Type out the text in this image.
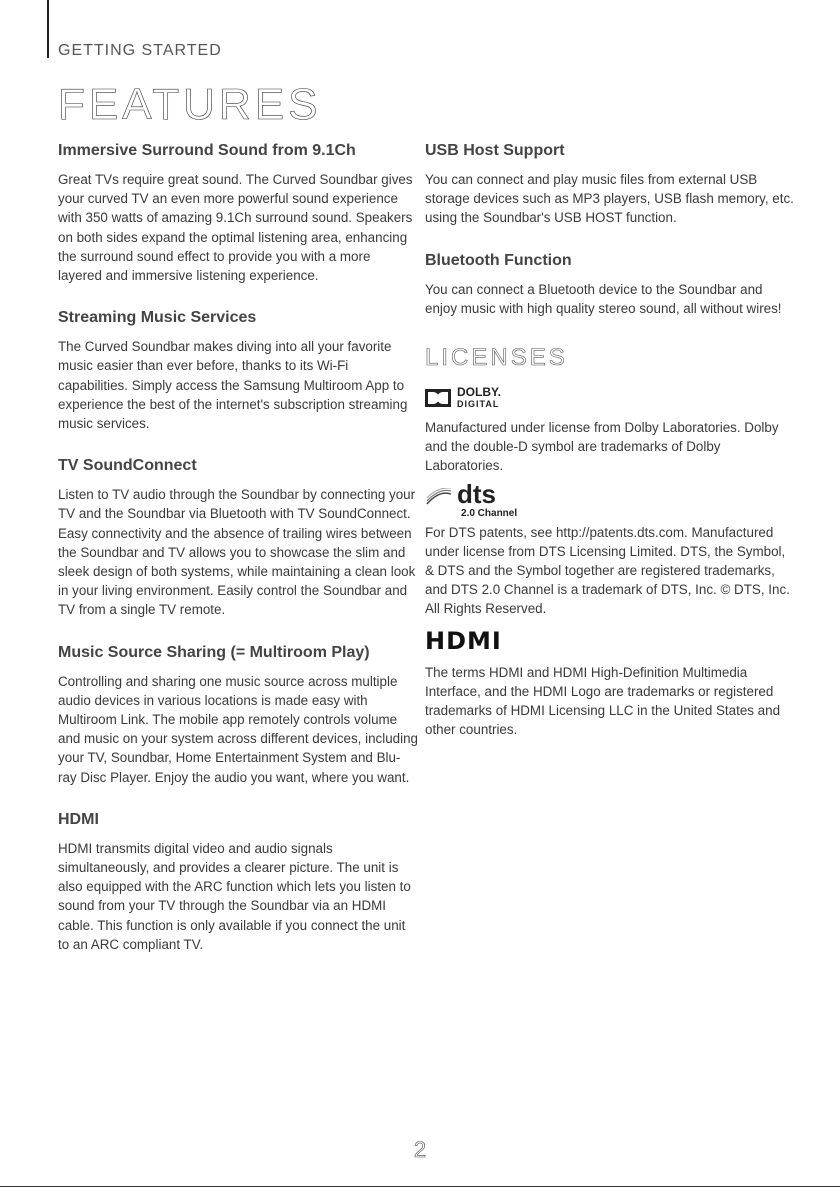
GETTING STARTED
FEATURES
Immersive Surround Sound from 9.1Ch

Great TVs require great sound. The Curved Soundbar gives your curved TV an even more powerful sound experience with 350 watts of amazing 9.1Ch surround sound. Speakers on both sides expand the optimal listening area, enhancing the surround sound effect to provide you with a more layered and immersive listening experience.

Streaming Music Services

The Curved Soundbar makes diving into all your favorite music easier than ever before, thanks to its Wi-Fi capabilities. Simply access the Samsung Multiroom App to experience the best of the internet's subscription streaming music services.

TV SoundConnect

Listen to TV audio through the Soundbar by connecting your TV and the Soundbar via Bluetooth with TV SoundConnect. Easy connectivity and the absence of trailing wires between the Soundbar and TV allows you to showcase the slim and sleek design of both systems, while maintaining a clean look in your living environment. Easily control the Soundbar and TV from a single TV remote.

Music Source Sharing (= Multiroom Play)

Controlling and sharing one music source across multiple audio devices in various locations is made easy with Multiroom Link. The mobile app remotely controls volume and music on your system across different devices, including your TV, Soundbar, Home Entertainment System and Blu-ray Disc Player. Enjoy the audio you want, where you want.

HDMI

HDMI transmits digital video and audio signals simultaneously, and provides a clearer picture. The unit is also equipped with the ARC function which lets you listen to sound from your TV through the Soundbar via an HDMI cable. This function is only available if you connect the unit to an ARC compliant TV.

USB Host Support

You can connect and play music files from external USB storage devices such as MP3 players, USB flash memory, etc. using the Soundbar's USB HOST function.

Bluetooth Function

You can connect a Bluetooth device to the Soundbar and enjoy music with high quality stereo sound, all without wires!

LICENSES
DOLBY.
DIGITAL

Manufactured under license from Dolby Laboratories. Dolby and the double-D symbol are trademarks of Dolby Laboratories.

dts
2.0 Channel

For DTS patents, see http://patents.dts.com. Manufactured under license from DTS Licensing Limited. DTS, the Symbol, & DTS and the Symbol together are registered trademarks, and DTS 2.0 Channel is a trademark of DTS, Inc. © DTS, Inc. All Rights Reserved.

HDMI

The terms HDMI and HDMI High-Definition Multimedia Interface, and the HDMI Logo are trademarks or registered trademarks of HDMI Licensing LLC in the United States and other countries.

2
